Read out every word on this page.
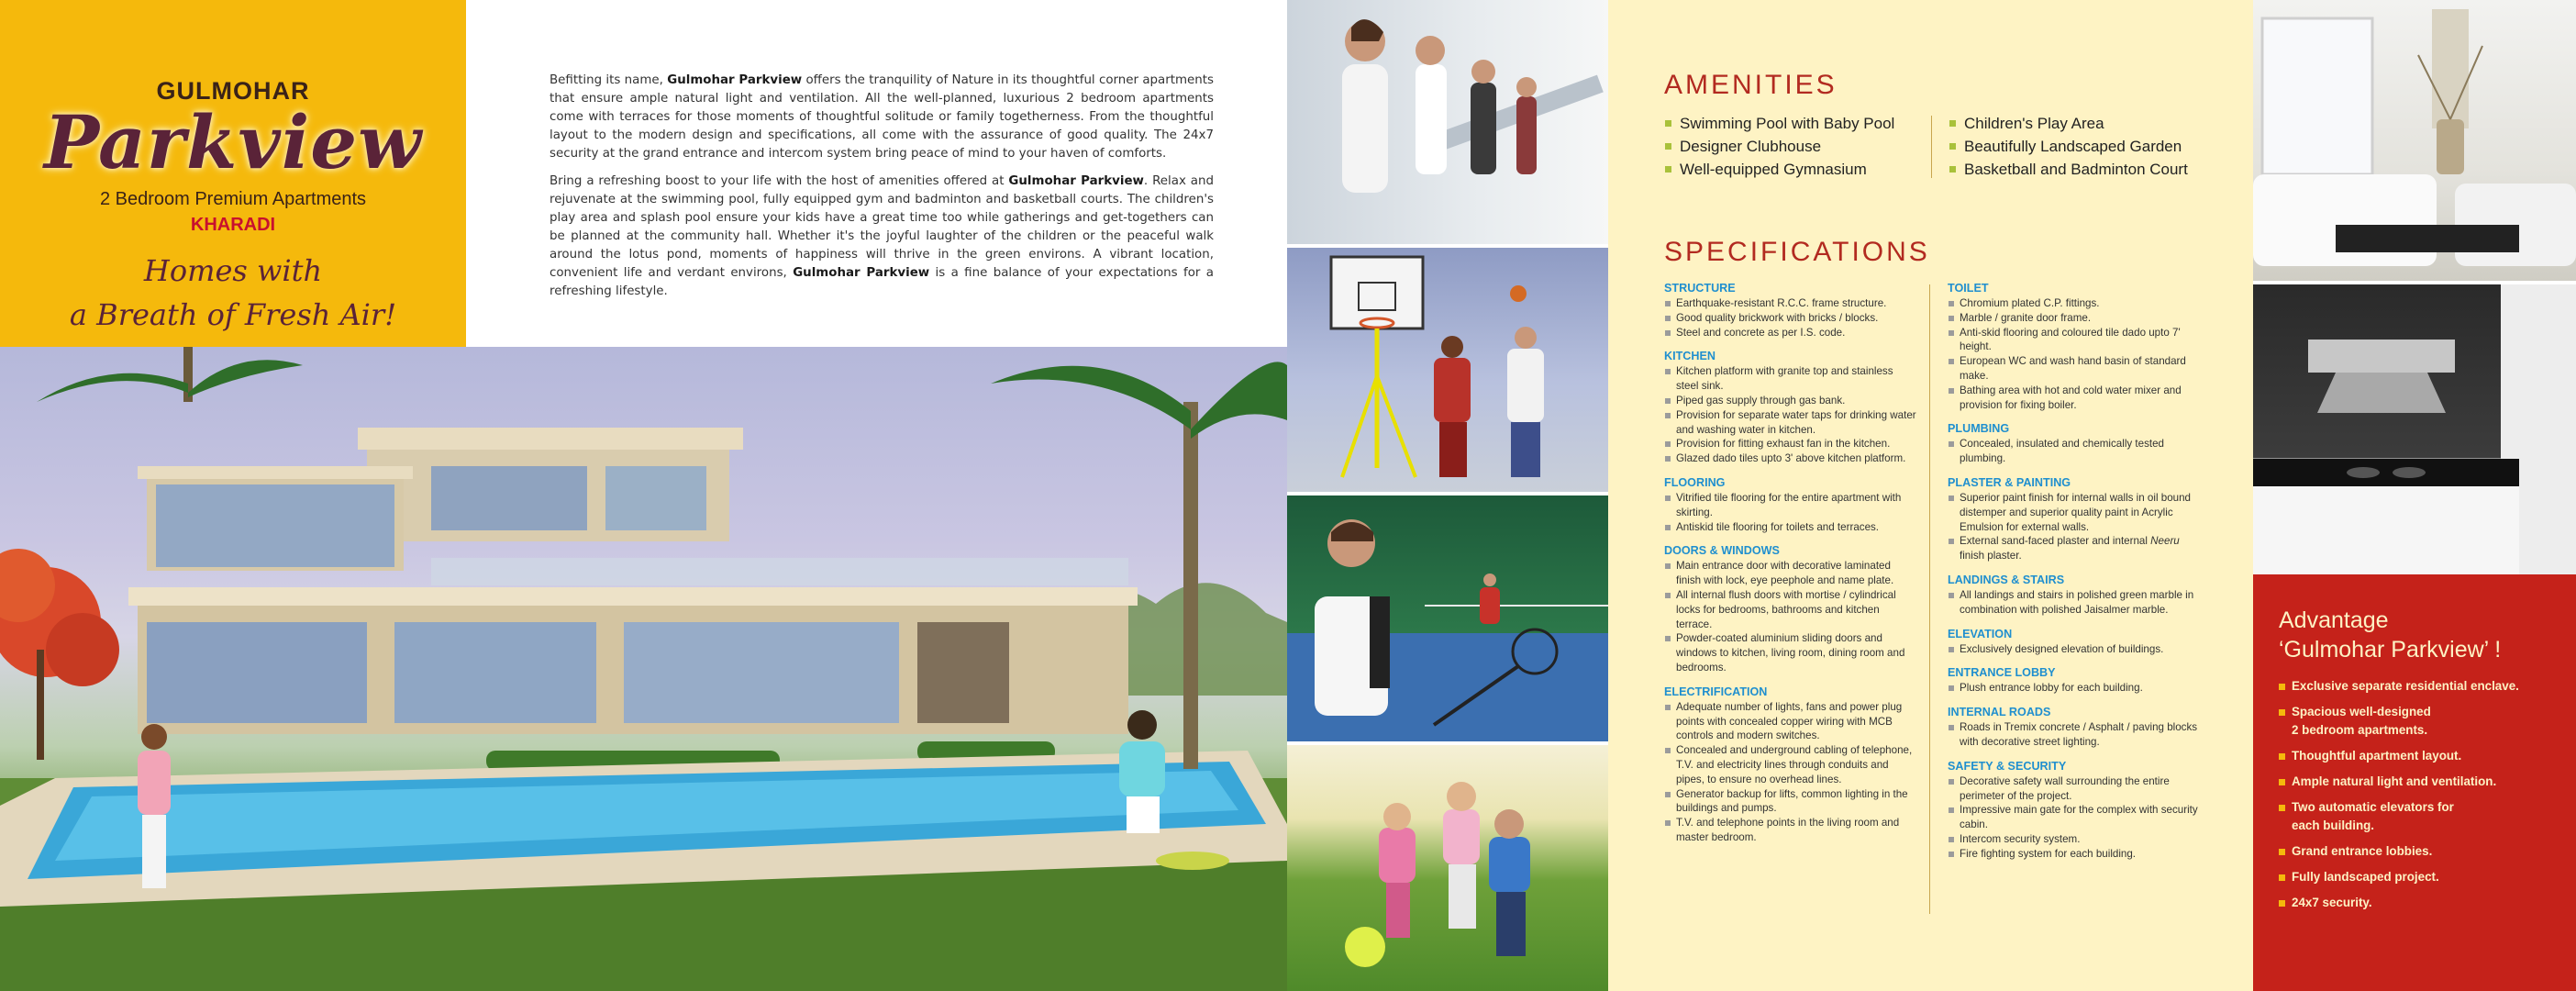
GULMOHAR
Parkview
2 Bedroom Premium Apartments
KHARADI
Homes with
a Breath of Fresh Air!

Befitting its name, Gulmohar Parkview offers the tranquility of Nature in its thoughtful corner apartments that ensure ample natural light and ventilation. All the well-planned, luxurious 2 bedroom apartments come with terraces for those moments of thoughtful solitude or family togetherness. From the thoughtful layout to the modern design and specifications, all come with the assurance of good quality. The 24x7 security at the grand entrance and intercom system bring peace of mind to your haven of comforts.

Bring a refreshing boost to your life with the host of amenities offered at Gulmohar Parkview. Relax and rejuvenate at the swimming pool, fully equipped gym and badminton and basketball courts. The children's play area and splash pool ensure your kids have a great time too while gatherings and get-togethers can be planned at the community hall. Whether it's the joyful laughter of the children or the peaceful walk around the lotus pond, moments of happiness will thrive in the green environs. A vibrant location, convenient life and verdant environs, Gulmohar Parkview is a fine balance of your expectations for a refreshing lifestyle.

AMENITIES
Swimming Pool with Baby Pool
Designer Clubhouse
Well-equipped Gymnasium
Children's Play Area
Beautifully Landscaped Garden
Basketball and Badminton Court
SPECIFICATIONS
STRUCTURE
Earthquake-resistant R.C.C. frame structure.
Good quality brickwork with bricks / blocks.
Steel and concrete as per I.S. code.
KITCHEN
Kitchen platform with granite top and stainless steel sink.
Piped gas supply through gas bank.
Provision for separate water taps for drinking water and washing water in kitchen.
Provision for fitting exhaust fan in the kitchen.
Glazed dado tiles upto 3' above kitchen platform.
FLOORING
Vitrified tile flooring for the entire apartment with skirting.
Antiskid tile flooring for toilets and terraces.
DOORS & WINDOWS
Main entrance door with decorative laminated finish with lock, eye peephole and name plate.
All internal flush doors with mortise / cylindrical locks for bedrooms, bathrooms and kitchen terrace.
Powder-coated aluminium sliding doors and windows to kitchen, living room, dining room and bedrooms.
ELECTRIFICATION
Adequate number of lights, fans and power plug points with concealed copper wiring with MCB controls and modern switches.
Concealed and underground cabling of telephone, T.V. and electricity lines through conduits and pipes, to ensure no overhead lines.
Generator backup for lifts, common lighting in the buildings and pumps.
T.V. and telephone points in the living room and master bedroom.
TOILET
Chromium plated C.P. fittings.
Marble / granite door frame.
Anti-skid flooring and coloured tile dado upto 7' height.
European WC and wash hand basin of standard make.
Bathing area with hot and cold water mixer and provision for fixing boiler.
PLUMBING
Concealed, insulated and chemically tested plumbing.
PLASTER & PAINTING
Superior paint finish for internal walls in oil bound distemper and superior quality paint in Acrylic Emulsion for external walls.
External sand-faced plaster and internal Neeru finish plaster.
LANDINGS & STAIRS
All landings and stairs in polished green marble in combination with polished Jaisalmer marble.
ELEVATION
Exclusively designed elevation of buildings.
ENTRANCE LOBBY
Plush entrance lobby for each building.
INTERNAL ROADS
Roads in Tremix concrete / Asphalt / paving blocks with decorative street lighting.
SAFETY & SECURITY
Decorative safety wall surrounding the entire perimeter of the project.
Impressive main gate for the complex with security cabin.
Intercom security system.
Fire fighting system for each building.
Advantage
‘Gulmohar Parkview’ !
Exclusive separate residential enclave.
Spacious well-designed
2 bedroom apartments.
Thoughtful apartment layout.
Ample natural light and ventilation.
Two automatic elevators for
each building.
Grand entrance lobbies.
Fully landscaped project.
24x7 security.
